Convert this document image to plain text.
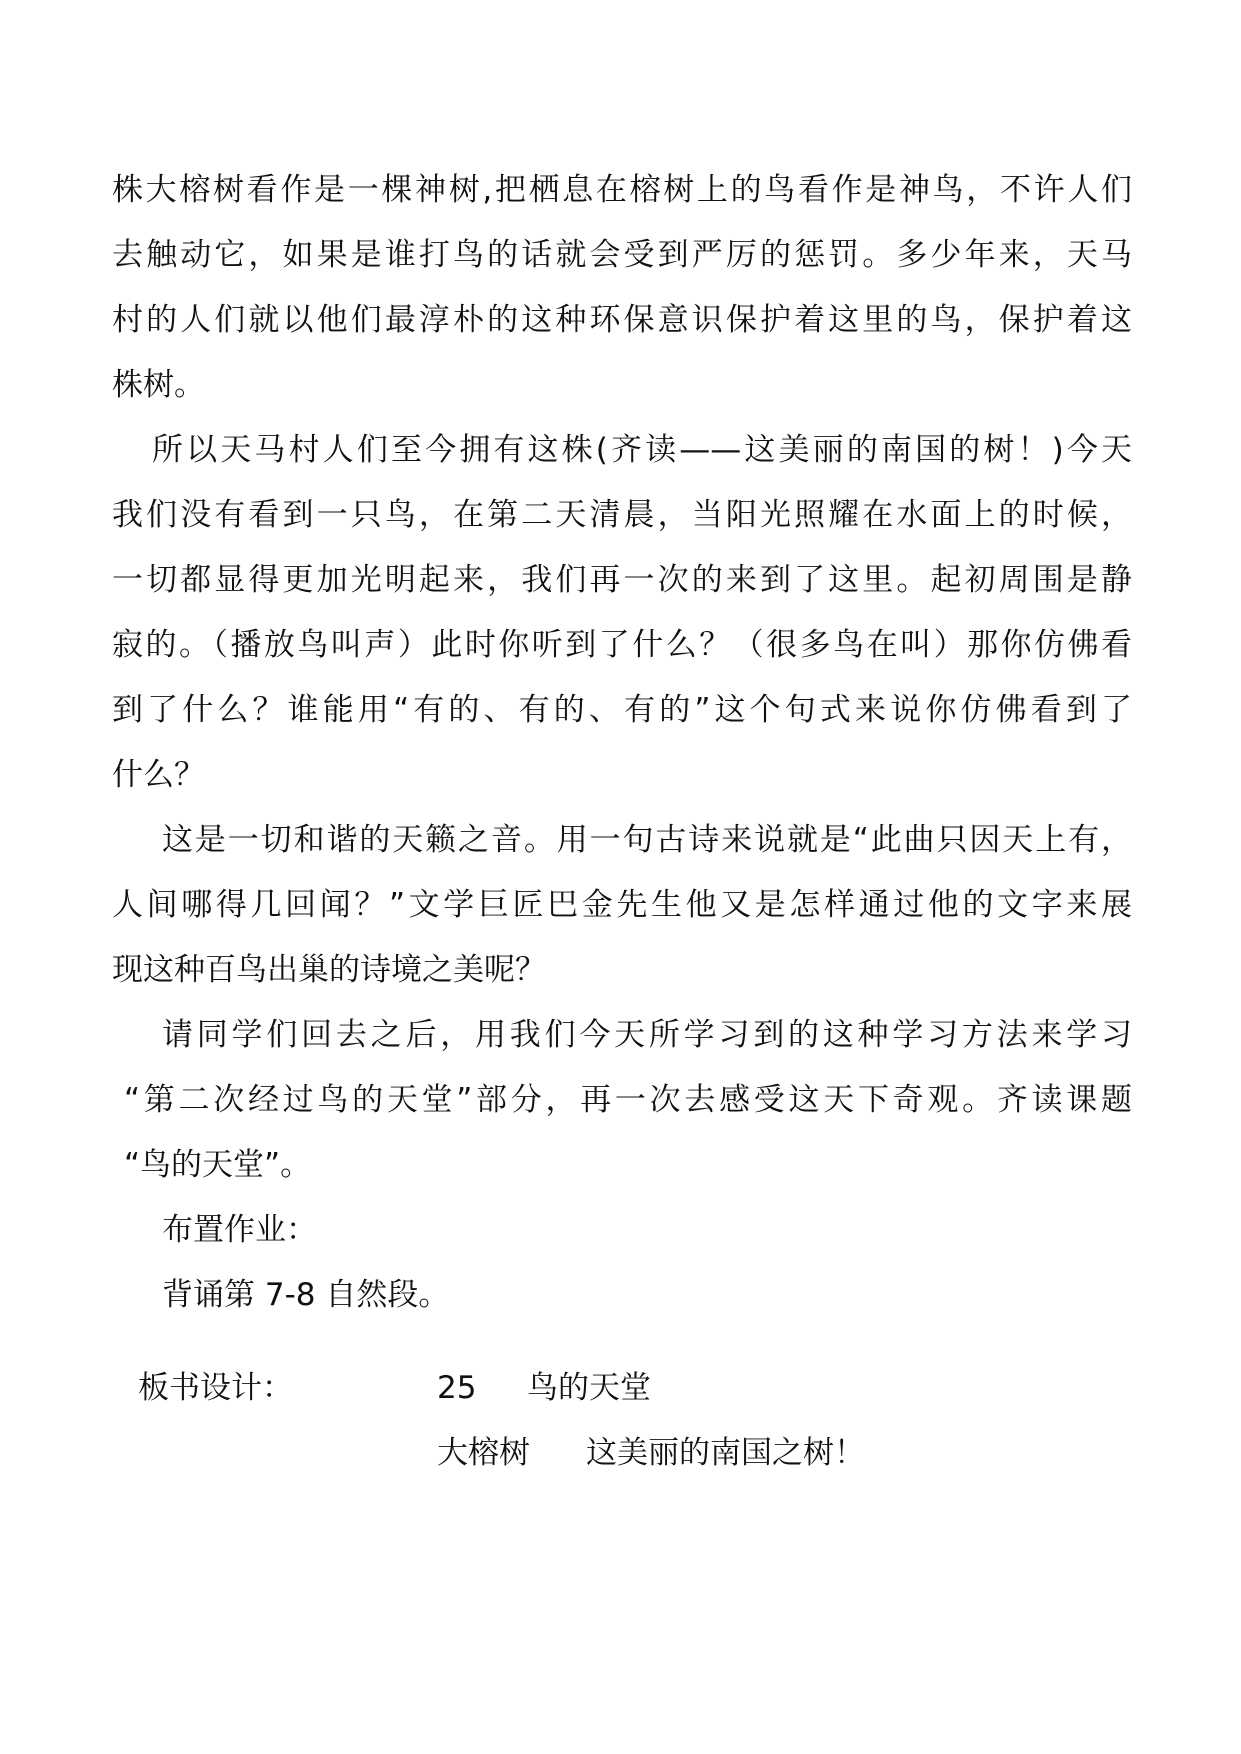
株大榕树看作是一棵神树,把栖息在榕树上的鸟看作是神鸟，不许人们
去触动它，如果是谁打鸟的话就会受到严厉的惩罚。多少年来，天马
村的人们就以他们最淳朴的这种环保意识保护着这里的鸟，保护着这
株树。
所以天马村人们至今拥有这株(齐读——这美丽的南国的树！)今天
我们没有看到一只鸟，在第二天清晨，当阳光照耀在水面上的时候，
一切都显得更加光明起来，我们再一次的来到了这里。起初周围是静
寂的。（播放鸟叫声）此时你听到了什么？（很多鸟在叫）那你仿佛看
到了什么？谁能用“有的、有的、有的”这个句式来说你仿佛看到了
什么？
这是一切和谐的天籁之音。用一句古诗来说就是“此曲只因天上有，
人间哪得几回闻？”文学巨匠巴金先生他又是怎样通过他的文字来展
现这种百鸟出巢的诗境之美呢？
请同学们回去之后，用我们今天所学习到的这种学习方法来学习
“第二次经过鸟的天堂”部分，再一次去感受这天下奇观。齐读课题
“鸟的天堂”。
布置作业：
背诵第 7-8 自然段。
板书设计：	25 鸟的天堂
大榕树 这美丽的南国之树！
